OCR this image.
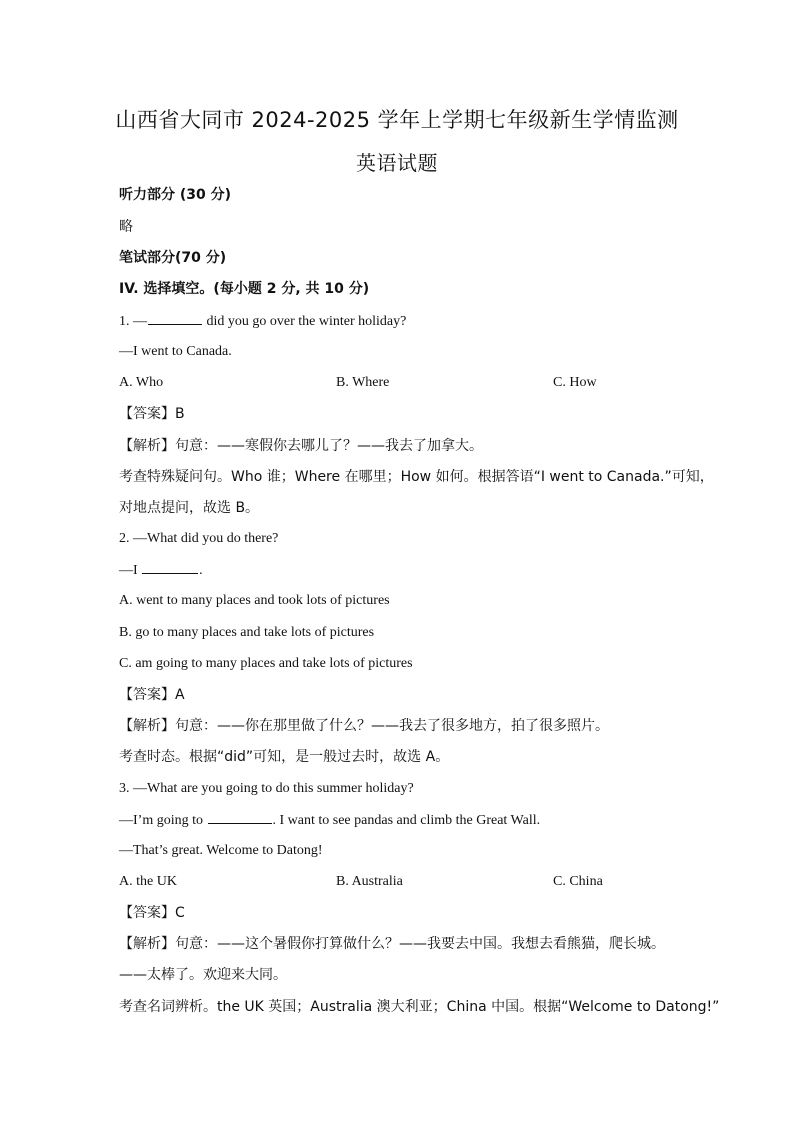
山西省大同市 2024-2025 学年上学期七年级新生学情监测
英语试题
听力部分 (30 分)
略
笔试部分(70 分)
IV. 选择填空。(每小题 2 分, 共 10 分)
1. —	did you go over the winter holiday?
—I went to Canada.
A. Who	B. Where	C. How
【答案】B
【解析】句意：——寒假你去哪儿了？——我去了加拿大。
考查特殊疑问句。Who 谁；Where 在哪里；How 如何。根据答语“I went to Canada.”可知，
对地点提问，故选 B。
2. —What did you do there?
—I	.
A. went to many places and took lots of pictures
B. go to many places and take lots of pictures
C. am going to many places and take lots of pictures
【答案】A
【解析】句意：——你在那里做了什么？——我去了很多地方，拍了很多照片。
考查时态。根据“did”可知，是一般过去时，故选 A。
3. —What are you going to do this summer holiday?
—I’m going to	. I want to see pandas and climb the Great Wall.
—That’s great. Welcome to Datong!
A. the UK	B. Australia	C. China
【答案】C
【解析】句意：——这个暑假你打算做什么？——我要去中国。我想去看熊猫，爬长城。
——太棒了。欢迎来大同。
考查名词辨析。the UK 英国；Australia 澳大利亚；China 中国。根据“Welcome to Datong!”
